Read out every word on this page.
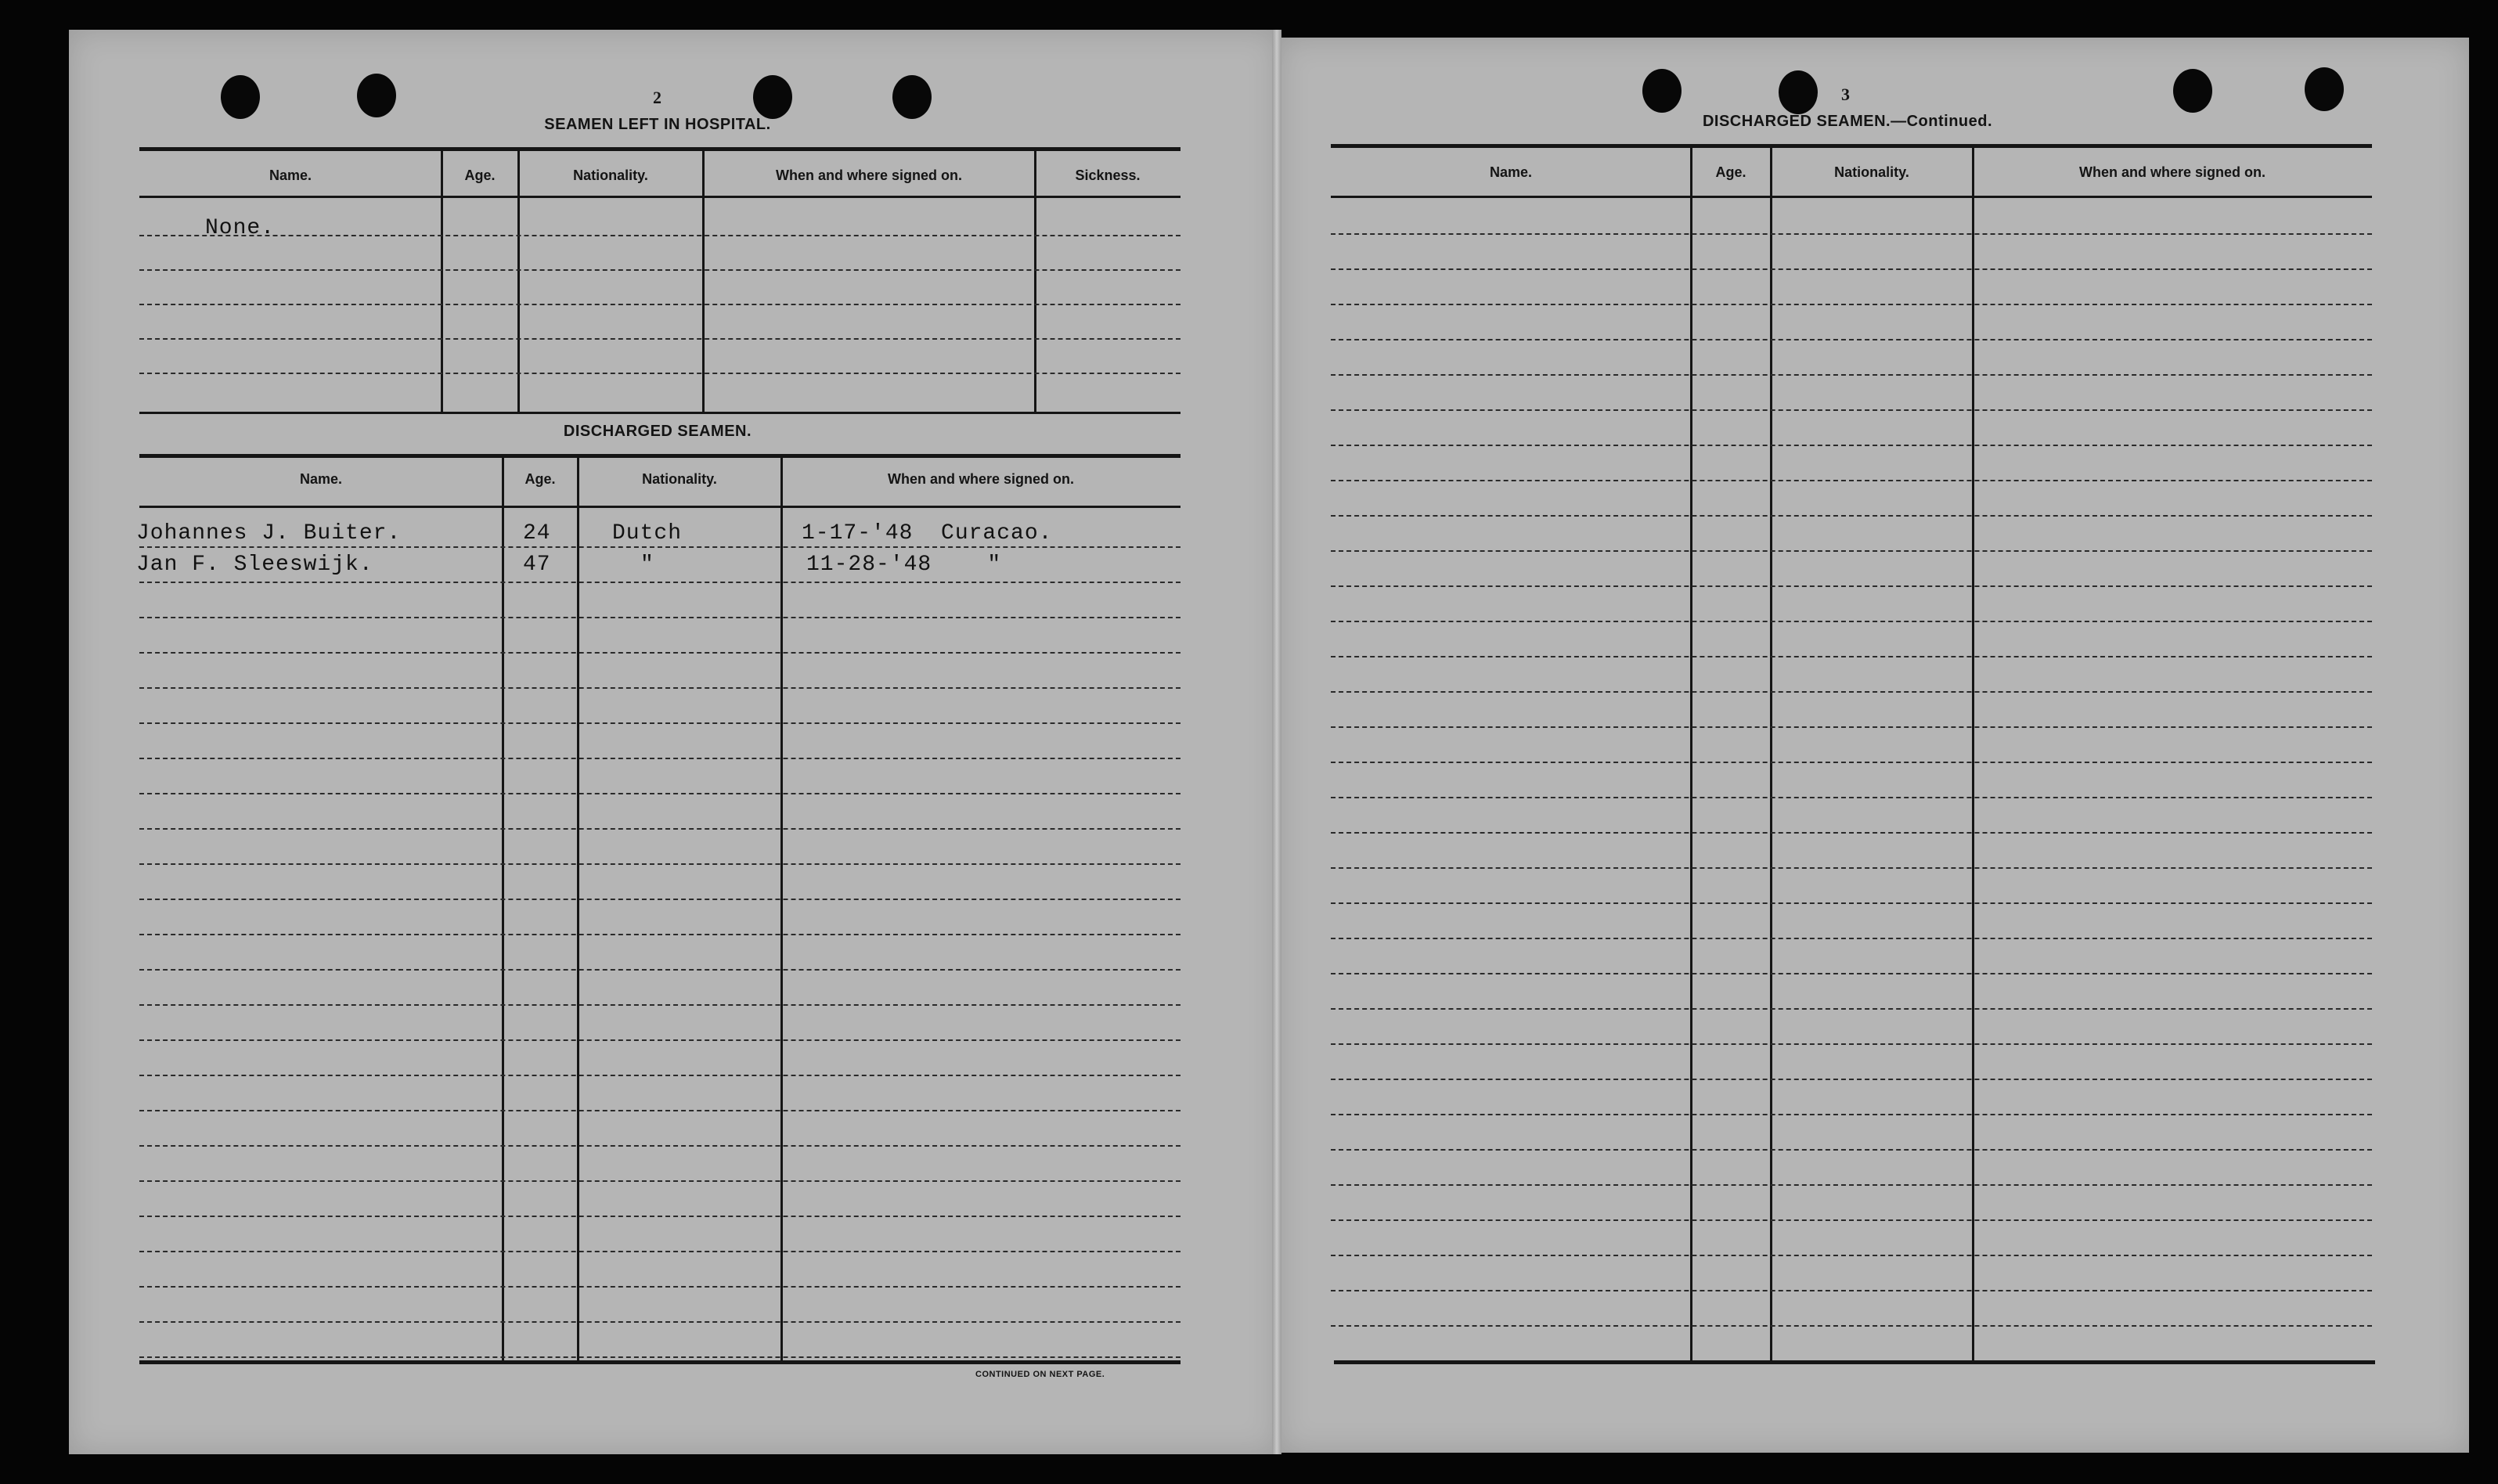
2
SEAMEN LEFT IN HOSPITAL.
Name.	Age.	Nationality.	When and where signed on.	Sickness.
None.
DISCHARGED SEAMEN.
Name.	Age.	Nationality.	When and where signed on.
Johannes J. Buiter.	24	Dutch	1-17-'48  Curacao.
Jan F. Sleeswijk.	47	"	11-28-'48    "
CONTINUED ON NEXT PAGE.
3
DISCHARGED SEAMEN.—Continued.
Name.	Age.	Nationality.	When and where signed on.
